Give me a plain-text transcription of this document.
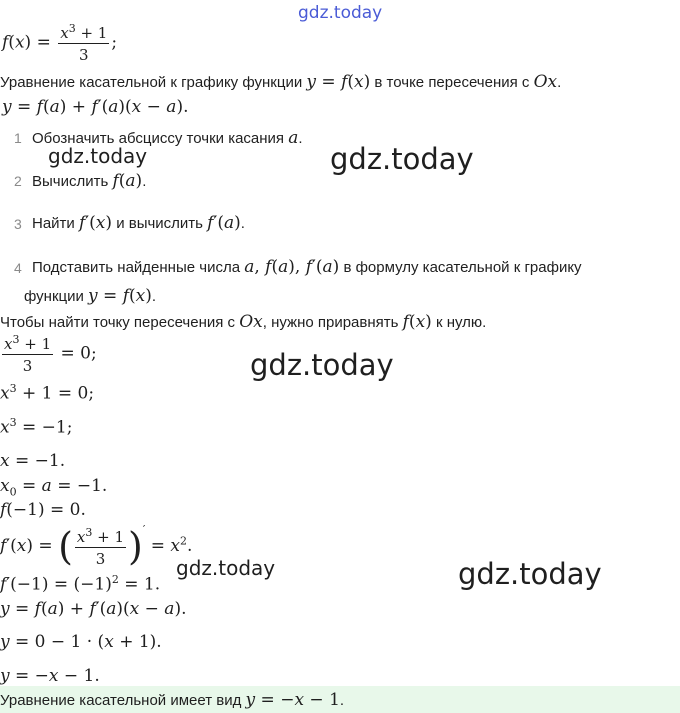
gdz.today
$f(x) = \frac{x^3 + 1}{3}$ ;
Уравнение касательной к графику функции y = f(x) в точке пересечения с Ox.
y = f(a) + f′(a)(x − a).
1 Обозначить абсциссу точки касания a.
2 Вычислить f(a).
3 Найти f′(x) и вычислить f′(a).
4 Подставить найденные числа a, f(a), f′(a) в формулу касательной к графику
функции y = f(x).
Чтобы найти точку пересечения с Ox, нужно приравнять f(x) к нулю.
$\frac{x^3 + 1}{3} = 0$;
$x^3 + 1 = 0$;
$x^3 = -1$;
x = −1.
$x_0 = a = -1$.
f(−1) = 0.
f′(x) = ( $\frac{x^3 + 1}{3} )' = x^2$.
$f'(-1) = (-1)^2 = 1$.
y = f(a) + f′(a)(x − a).
y = 0 − 1 · (x + 1).
y = −x − 1.
Уравнение касательной имеет вид y = −x − 1.
gdz.today	gdz.today
gdz.today
gdz.today	gdz.today
